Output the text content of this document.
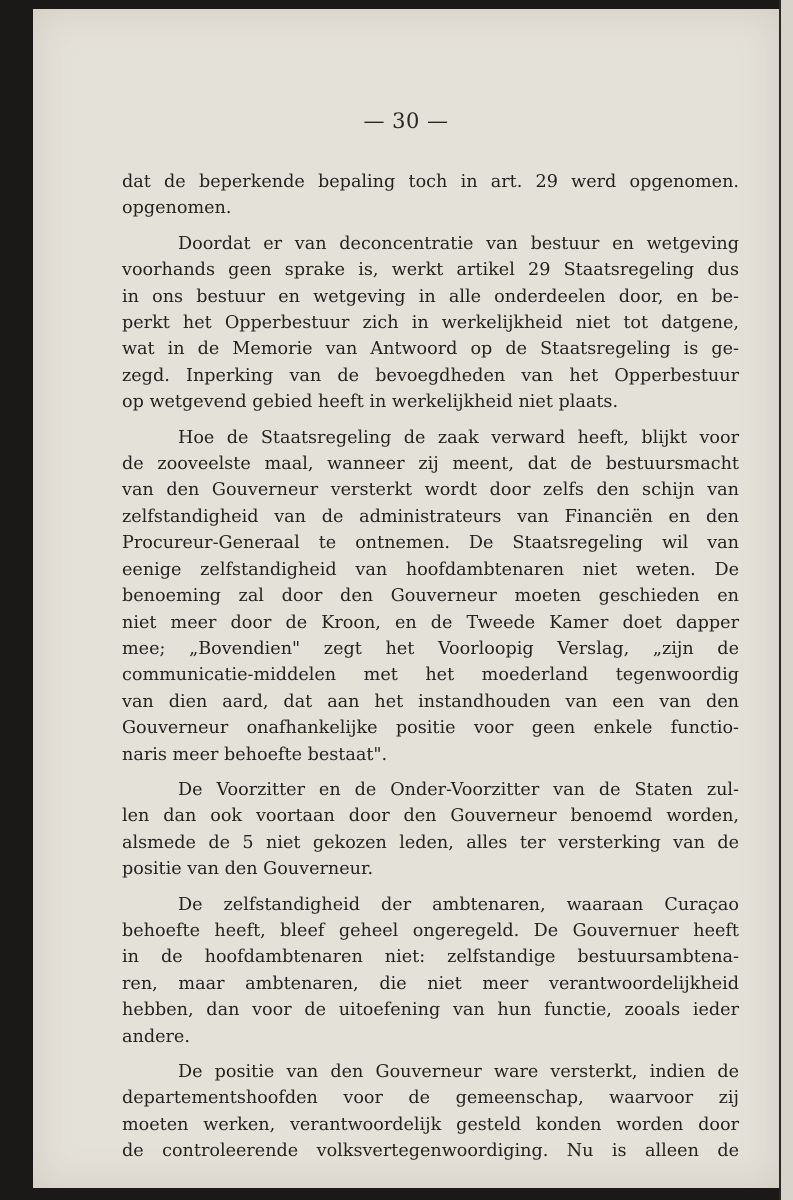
— 30 —

dat de beperkende bepaling toch in art. 29 werd opgenomen.
opgenomen.

Doordat er van deconcentratie van bestuur en wetgeving
voorhands geen sprake is, werkt artikel 29 Staatsregeling dus
in ons bestuur en wetgeving in alle onderdeelen door, en be-
perkt het Opperbestuur zich in werkelijkheid niet tot datgene,
wat in de Memorie van Antwoord op de Staatsregeling is ge-
zegd. Inperking van de bevoegdheden van het Opperbestuur
op wetgevend gebied heeft in werkelijkheid niet plaats.

Hoe de Staatsregeling de zaak verward heeft, blijkt voor
de zooveelste maal, wanneer zij meent, dat de bestuursmacht
van den Gouverneur versterkt wordt door zelfs den schijn van
zelfstandigheid van de administrateurs van Financiën en den
Procureur-Generaal te ontnemen. De Staatsregeling wil van
eenige zelfstandigheid van hoofdambtenaren niet weten. De
benoeming zal door den Gouverneur moeten geschieden en
niet meer door de Kroon, en de Tweede Kamer doet dapper
mee; „Bovendien" zegt het Voorloopig Verslag, „zijn de
communicatie-middelen met het moederland tegenwoordig
van dien aard, dat aan het instandhouden van een van den
Gouverneur onafhankelijke positie voor geen enkele functio-
naris meer behoefte bestaat".

De Voorzitter en de Onder-Voorzitter van de Staten zul-
len dan ook voortaan door den Gouverneur benoemd worden,
alsmede de 5 niet gekozen leden, alles ter versterking van de
positie van den Gouverneur.

De zelfstandigheid der ambtenaren, waaraan Curaçao
behoefte heeft, bleef geheel ongeregeld. De Gouvernuer heeft
in de hoofdambtenaren niet: zelfstandige bestuursambtena-
ren, maar ambtenaren, die niet meer verantwoordelijkheid
hebben, dan voor de uitoefening van hun functie, zooals ieder
andere.

De positie van den Gouverneur ware versterkt, indien de
departementshoofden voor de gemeenschap, waarvoor zij
moeten werken, verantwoordelijk gesteld konden worden door
de controleerende volksvertegenwoordiging. Nu is alleen de
